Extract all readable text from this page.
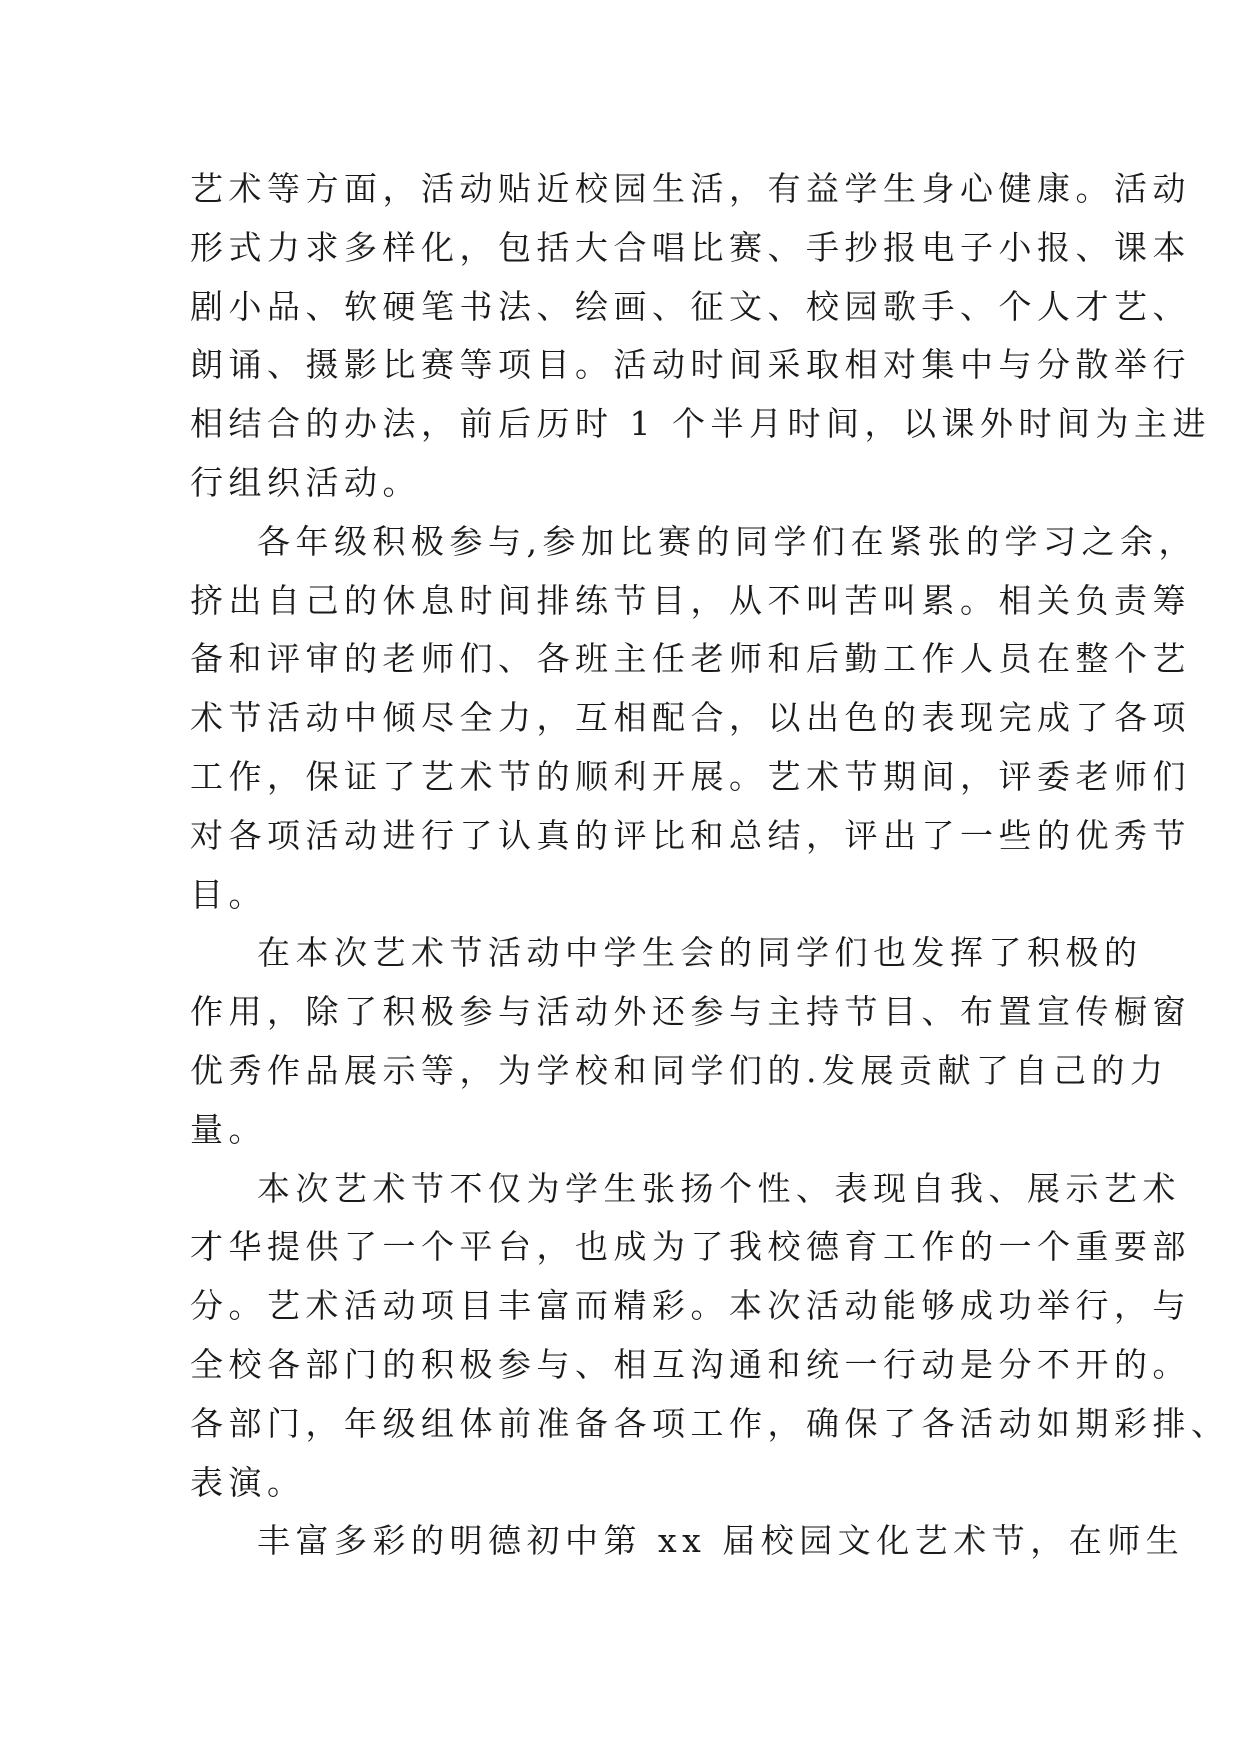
艺术等方面，活动贴近校园生活，有益学生身心健康。活动
形式力求多样化，包括大合唱比赛、手抄报电子小报、课本
剧小品、软硬笔书法、绘画、征文、校园歌手、个人才艺、
朗诵、摄影比赛等项目。活动时间采取相对集中与分散举行
相结合的办法，前后历时 1 个半月时间，以课外时间为主进
行组织活动。
各年级积极参与,参加比赛的同学们在紧张的学习之余，
挤出自己的休息时间排练节目，从不叫苦叫累。相关负责筹
备和评审的老师们、各班主任老师和后勤工作人员在整个艺
术节活动中倾尽全力，互相配合，以出色的表现完成了各项
工作，保证了艺术节的顺利开展。艺术节期间，评委老师们
对各项活动进行了认真的评比和总结，评出了一些的优秀节
目。
在本次艺术节活动中学生会的同学们也发挥了积极的
作用，除了积极参与活动外还参与主持节目、布置宣传橱窗
优秀作品展示等，为学校和同学们的.发展贡献了自己的力
量。
本次艺术节不仅为学生张扬个性、表现自我、展示艺术
才华提供了一个平台，也成为了我校德育工作的一个重要部
分。艺术活动项目丰富而精彩。本次活动能够成功举行，与
全校各部门的积极参与、相互沟通和统一行动是分不开的。
各部门，年级组体前准备各项工作，确保了各活动如期彩排、
表演。
丰富多彩的明德初中第 xx 届校园文化艺术节，在师生
